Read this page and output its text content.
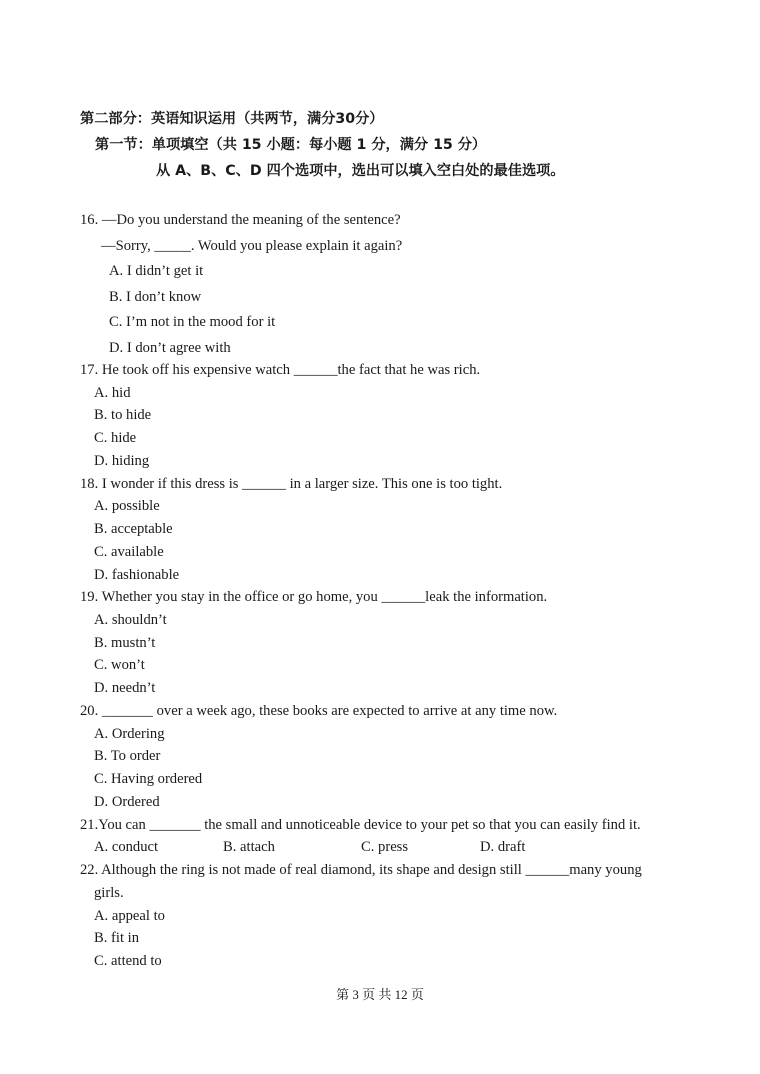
第二部分：英语知识运用（共两节，满分30分）
第一节：单项填空（共 15 小题：每小题 1 分，满分 15 分）
从 A、B、C、D 四个选项中，选出可以填入空白处的最佳选项。
16. —Do you understand the meaning of the sentence?
—Sorry, _____. Would you please explain it again?
A. I didn’t get it
B. I don’t know
C. I’m not in the mood for it
D. I don’t agree with
17. He took off his expensive watch ______the fact that he was rich.
A. hid
B. to hide
C. hide
D. hiding
18. I wonder if this dress is ______ in a larger size. This one is too tight.
A. possible
B. acceptable
C. available
D. fashionable
19. Whether you stay in the office or go home, you ______leak the information.
A. shouldn’t
B. mustn’t
C. won’t
D. needn’t
20. _______ over a week ago, these books are expected to arrive at any time now.
A. Ordering
B. To order
C. Having ordered
D. Ordered
21.You can _______ the small and unnoticeable device to your pet so that you can easily find it.
A. conduct	B. attach	C. press	D. draft
22. Although the ring is not made of real diamond, its shape and design still ______many young
girls.
A. appeal to
B. fit in
C. attend to
第 3 页 共 12 页
